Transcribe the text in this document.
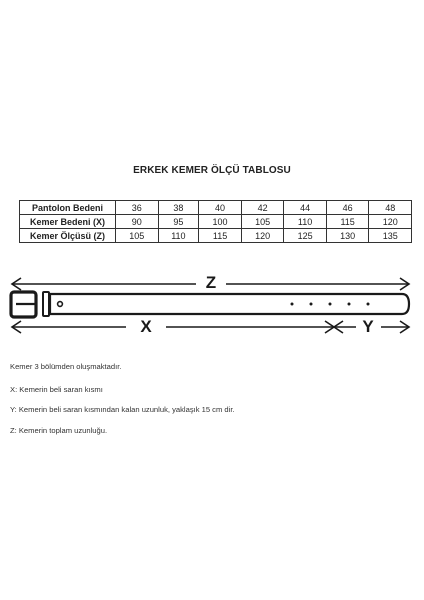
ERKEK KEMER ÖLÇÜ TABLOSU
Pantolon Bedeni	36	38	40	42	44	46	48
Kemer Bedeni (X)	90	95	100	105	110	115	120
Kemer Ölçüsü (Z)	105	110	115	120	125	130	135
Z
X	Y
Kemer 3 bölümden oluşmaktadır.
X: Kemerin beli saran kısmı
Y: Kemerin beli saran kısmından kalan uzunluk, yaklaşık 15 cm dir.
Z: Kemerin toplam uzunluğu.
